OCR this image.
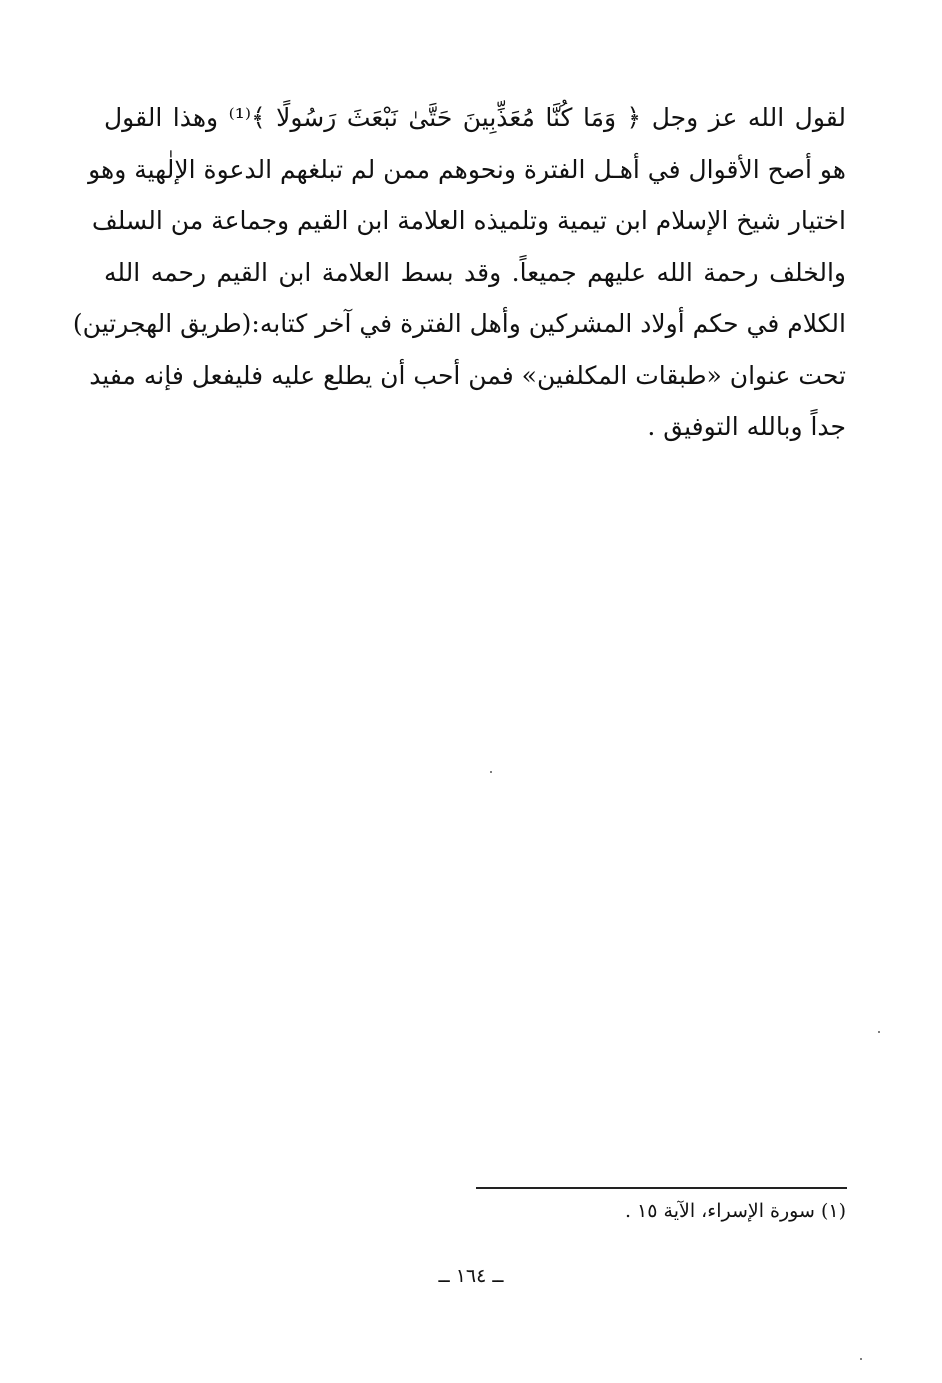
لقول الله عز وجل ﴿ وَمَا كُنَّا مُعَذِّبِينَ حَتَّىٰ نَبْعَثَ رَسُولًا ﴾⁽¹⁾ وهذا القول
هو أصح الأقوال في أهـل الفترة ونحوهم ممن لم تبلغهم الدعوة الإلٰهية وهو
اختيار شيخ الإسلام ابن تيمية وتلميذه العلامة ابن القيم وجماعة من السلف
والخلف رحمة الله عليهم جميعاً. وقد بسط العلامة ابن القيم رحمه الله
الكلام في حكم أولاد المشركين وأهل الفترة في آخر كتابه:(طريق الهجرتين)
تحت عنوان «طبقات المكلفين» فمن أحب أن يطلع عليه فليفعل فإنه مفيد
جداً وبالله التوفيق .
(١) سورة الإسراء، الآية ١٥ .
ــ ١٦٤ ــ
